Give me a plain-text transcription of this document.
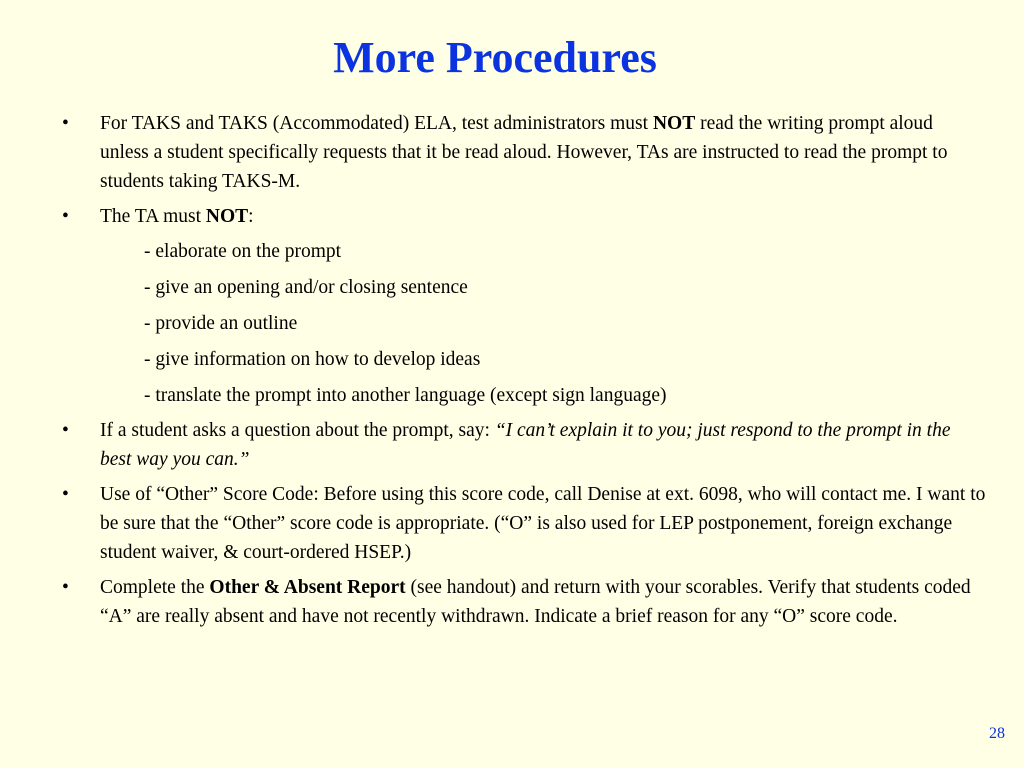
More Procedures
• For TAKS and TAKS (Accommodated) ELA, test administrators must NOT read the writing prompt aloud unless a student specifically requests that it be read aloud. However, TAs are instructed to read the prompt to students taking TAKS-M.
• The TA must NOT:
- elaborate on the prompt
- give an opening and/or closing sentence
- provide an outline
- give information on how to develop ideas
- translate the prompt into another language (except sign language)
• If a student asks a question about the prompt, say: “I can’t explain it to you; just respond to the prompt in the best way you can.”
• Use of “Other” Score Code: Before using this score code, call Denise at ext. 6098, who will contact me. I want to be sure that the “Other” score code is appropriate. (“O” is also used for LEP postponement, foreign exchange student waiver, & court-ordered HSEP.)
• Complete the Other & Absent Report (see handout) and return with your scorables. Verify that students coded “A” are really absent and have not recently withdrawn. Indicate a brief reason for any “O” score code.
28
